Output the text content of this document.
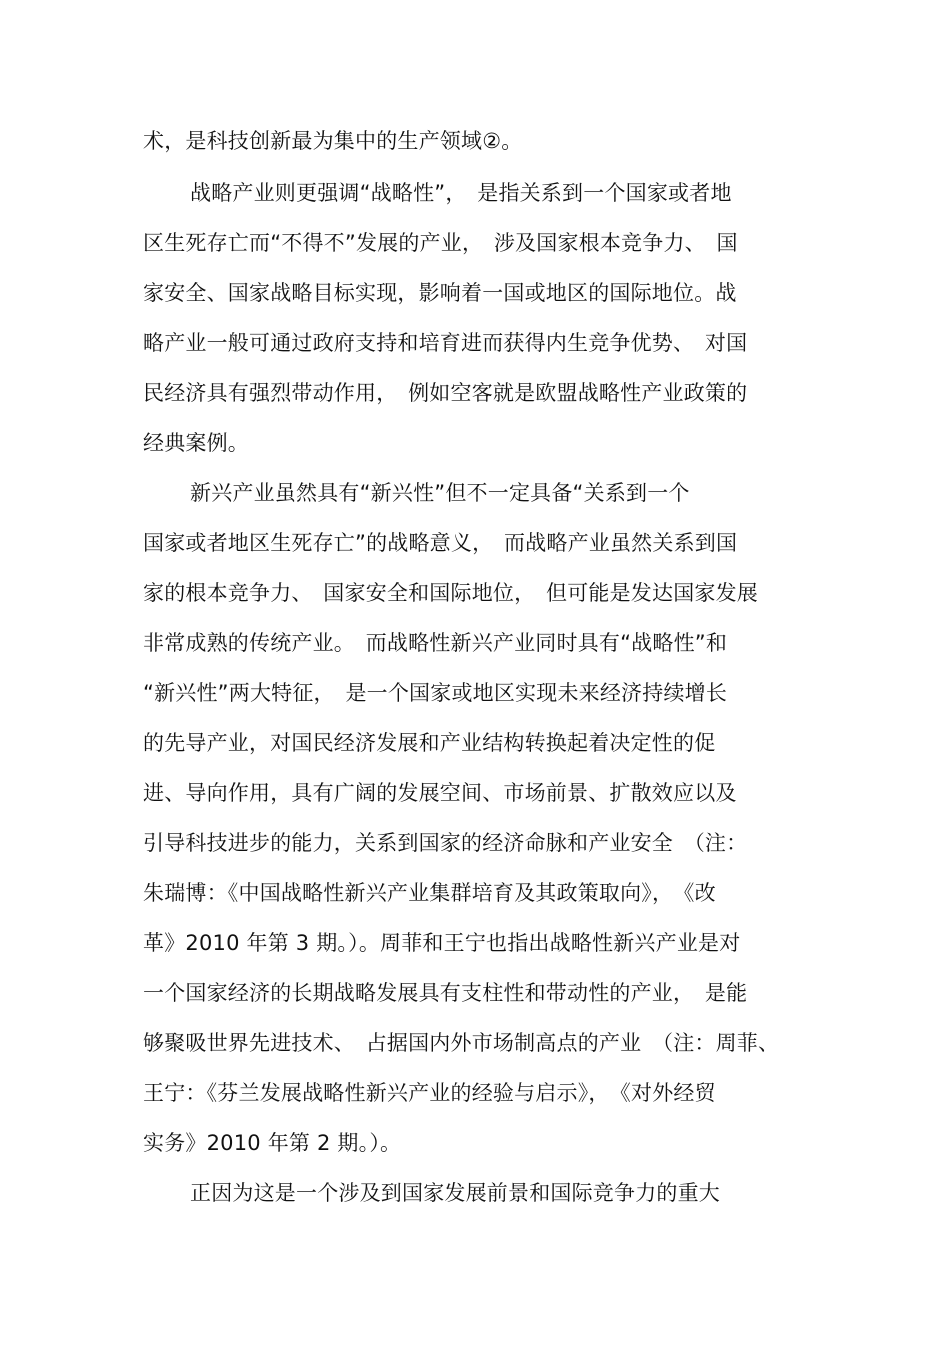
术，是科技创新最为集中的生产领域②。
战略产业则更强调“战略性”，　是指关系到一个国家或者地
区生死存亡而“不得不”发展的产业，　涉及国家根本竞争力、　国
家安全、国家战略目标实现，影响着一国或地区的国际地位。战
略产业一般可通过政府支持和培育进而获得内生竞争优势、　对国
民经济具有强烈带动作用，　例如空客就是欧盟战略性产业政策的
经典案例。
新兴产业虽然具有“新兴性”但不一定具备“关系到一个
国家或者地区生死存亡”的战略意义，　而战略产业虽然关系到国
家的根本竞争力、　国家安全和国际地位，　但可能是发达国家发展
非常成熟的传统产业。　而战略性新兴产业同时具有“战略性”和
“新兴性”两大特征，　是一个国家或地区实现未来经济持续增长
的先导产业，对国民经济发展和产业结构转换起着决定性的促
进、导向作用，具有广阔的发展空间、市场前景、扩散效应以及
引导科技进步的能力，关系到国家的经济命脉和产业安全　（注：
朱瑞博：《中国战略性新兴产业集群培育及其政策取向》，　《改
革》2010 年第 3 期。）。周菲和王宁也指出战略性新兴产业是对
一个国家经济的长期战略发展具有支柱性和带动性的产业，　是能
够聚吸世界先进技术、　占据国内外市场制高点的产业　（注：周菲、
王宁：《芬兰发展战略性新兴产业的经验与启示》，　《对外经贸
实务》2010 年第 2 期。）。
正因为这是一个涉及到国家发展前景和国际竞争力的重大
